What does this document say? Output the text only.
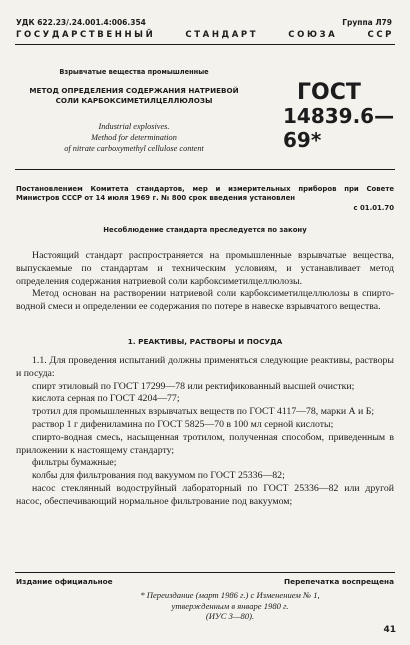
УДК 622.23/.24.001.4:006.354	Группа Л79
ГОСУДАРСТВЕННЫЙ СТАНДАРТ СОЮЗА ССР
Взрывчатые вещества промышленные
МЕТОД ОПРЕДЕЛЕНИЯ СОДЕРЖАНИЯ НАТРИЕВОЙ
СОЛИ КАРБОКСИМЕТИЛЦЕЛЛЮЛОЗЫ
Industrial explosives.
Method for determination
of nitrate carboxymethyl cellulose content
ГОСТ
14839.6—69*
Постановлением Комитета стандартов, мер и измерительных приборов при Совете Министров СССР от 14 июля 1969 г. № 800 срок введения установлен
с 01.01.70
Несоблюдение стандарта преследуется по закону
Настоящий стандарт распространяется на промышленные взрывчатые вещества, выпускаемые по стандартам и техническим условиям, и устанавливает метод определения содержания натриевой соли карбоксиметилцеллюлозы.
Метод основан на растворении натриевой соли карбоксиметилцеллюлозы в спирто-водной смеси и определении ее содержания по потере в навеске взрывчатого вещества.
1. РЕАКТИВЫ, РАСТВОРЫ И ПОСУДА
1.1. Для проведения испытаний должны применяться следующие реактивы, растворы и посуда:
спирт этиловый по ГОСТ 17299—78 или ректификованный высшей очистки;
кислота серная по ГОСТ 4204—77;
тротил для промышленных взрывчатых веществ по ГОСТ 4117—78, марки А и Б;
раствор 1 г дифениламина по ГОСТ 5825—70 в 100 мл серной кислоты;
спирто-водная смесь, насыщенная тротилом, полученная способом, приведенным в приложении к настоящему стандарту;
фильтры бумажные;
колбы для фильтрования под вакуумом по ГОСТ 25336—82;
насос стеклянный водоструйный лабораторный по ГОСТ 25336—82 или другой насос, обеспечивающий нормальное фильтрование под вакуумом;
Издание официальное	Перепечатка воспрещена
* Переиздание (март 1986 г.) с Изменением № 1,
утвержденным в январе 1980 г.
(ИУС 3—80).
41
